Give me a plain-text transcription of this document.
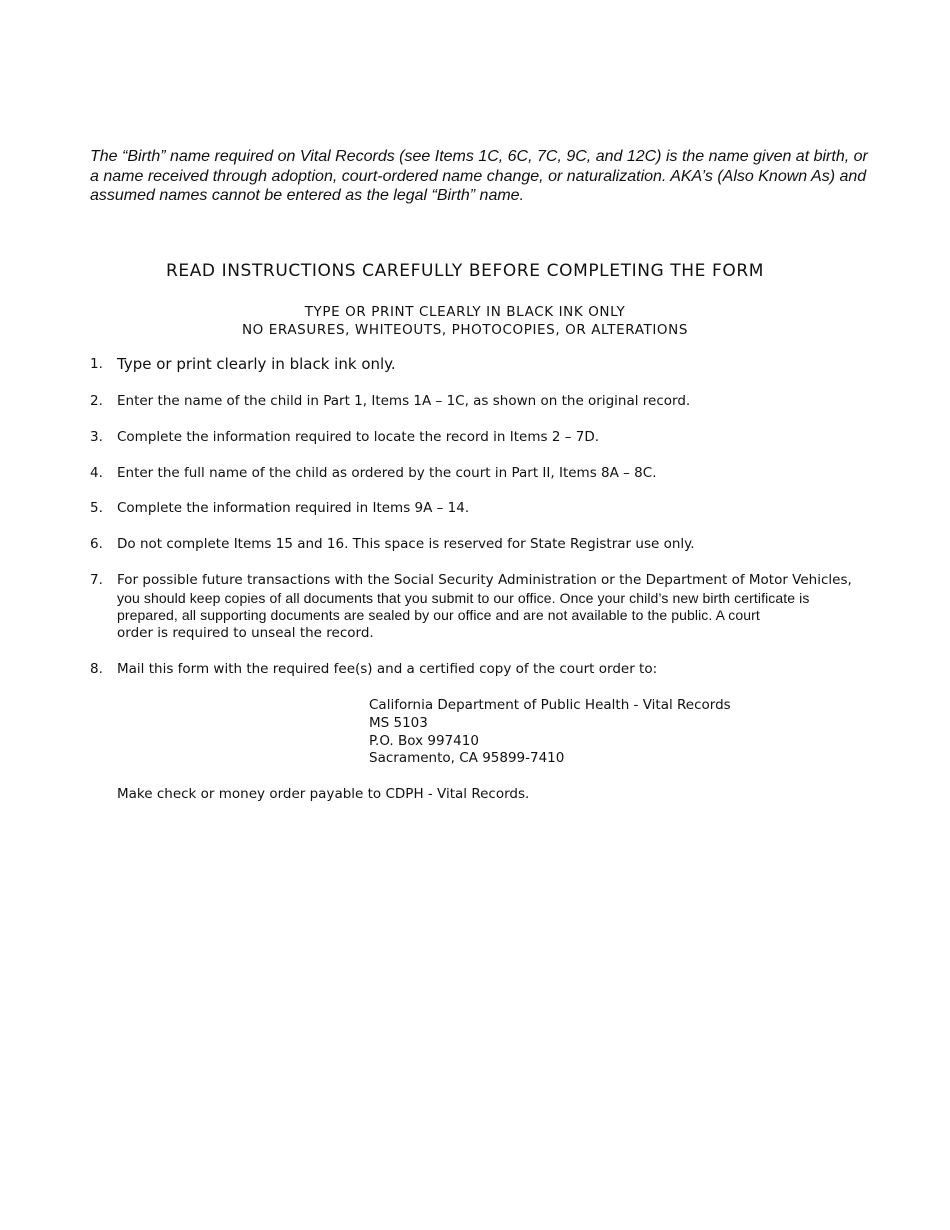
The “Birth” name required on Vital Records (see Items 1C, 6C, 7C, 9C, and 12C) is the name given at birth, or a name received through adoption, court-ordered name change, or naturalization. AKA’s (Also Known As) and assumed names cannot be entered as the legal “Birth” name.
READ INSTRUCTIONS CAREFULLY BEFORE COMPLETING THE FORM
TYPE OR PRINT CLEARLY IN BLACK INK ONLY
NO ERASURES, WHITEOUTS, PHOTOCOPIES, OR ALTERATIONS
1. Type or print clearly in black ink only.
2. Enter the name of the child in Part 1, Items 1A – 1C, as shown on the original record.
3. Complete the information required to locate the record in Items 2 – 7D.
4. Enter the full name of the child as ordered by the court in Part II, Items 8A – 8C.
5. Complete the information required in Items 9A – 14.
6. Do not complete Items 15 and 16. This space is reserved for State Registrar use only.
7. For possible future transactions with the Social Security Administration or the Department of Motor Vehicles,
you should keep copies of all documents that you submit to our office. Once your child’s new birth certificate is prepared, all supporting documents are sealed by our office and are not available to the public. A court
order is required to unseal the record.
8. Mail this form with the required fee(s) and a certified copy of the court order to:
California Department of Public Health - Vital Records
MS 5103
P.O. Box 997410
Sacramento, CA 95899-7410
Make check or money order payable to CDPH - Vital Records.
